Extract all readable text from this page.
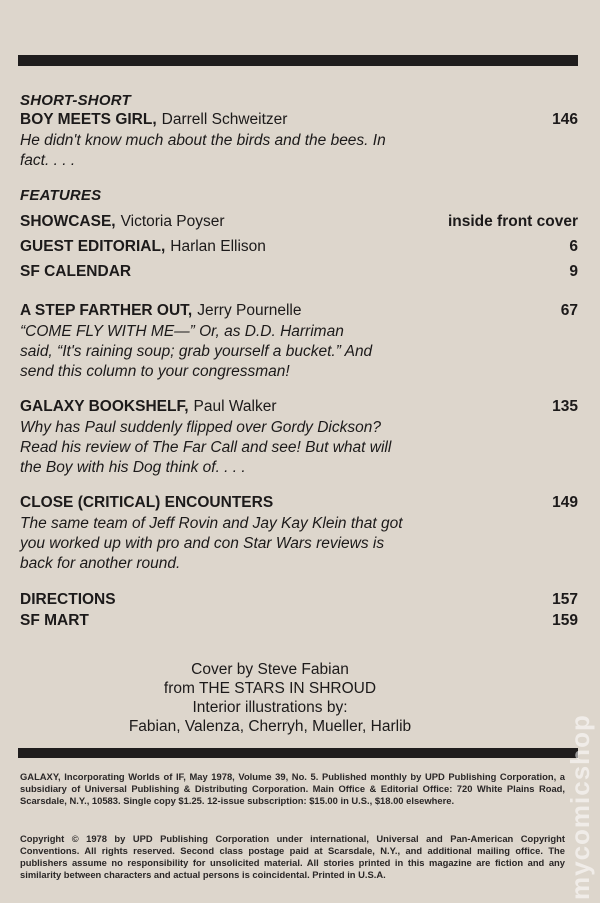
SHORT-SHORT
BOY MEETS GIRL, Darrell Schweitzer . . .	146
He didn't know much about the birds and the bees. In fact. . . .
FEATURES
SHOWCASE, Victoria Poyser . . .	inside front cover
GUEST EDITORIAL, Harlan Ellison	6
SF CALENDAR . . .	9
A STEP FARTHER OUT, Jerry Pournelle . . .	67
“COME FLY WITH ME—” Or, as D.D. Harriman said, “It's raining soup; grab yourself a bucket.” And send this column to your congressman!
GALAXY BOOKSHELF, Paul Walker . . .	135
Why has Paul suddenly flipped over Gordy Dickson? Read his review of The Far Call and see! But what will the Boy with his Dog think of. . . .
CLOSE (CRITICAL) ENCOUNTERS . . .	149
The same team of Jeff Rovin and Jay Kay Klein that got you worked up with pro and con Star Wars reviews is back for another round.
DIRECTIONS . . .	157
SF MART . . .	159
Cover by Steve Fabian
from THE STARS IN SHROUD
Interior illustrations by:
Fabian, Valenza, Cherryh, Mueller, Harlib
GALAXY, Incorporating Worlds of IF, May 1978, Volume 39, No. 5. Published monthly by UPD Publishing Corporation, a subsidiary of Universal Publishing & Distributing Corporation. Main Office & Editorial Office: 720 White Plains Road, Scarsdale, N.Y., 10583. Single copy $1.25. 12-issue subscription: $15.00 in U.S., $18.00 elsewhere.
Copyright © 1978 by UPD Publishing Corporation under international, Universal and Pan-American Copyright Conventions. All rights reserved. Second class postage paid at Scarsdale, N.Y., and additional mailing office. The publishers assume no responsibility for unsolicited material. All stories printed in this magazine are fiction and any similarity between characters and actual persons is coincidental. Printed in U.S.A.	mycomicshop
